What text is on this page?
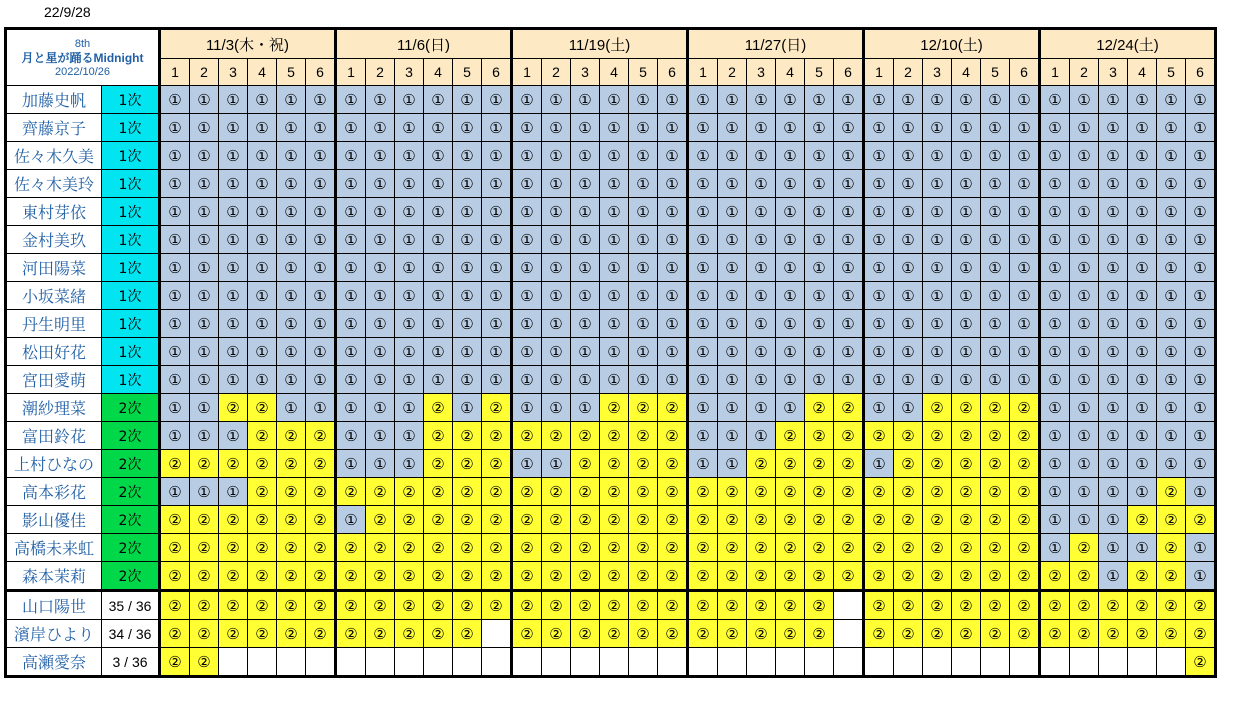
22/9/28
8th
月と星が踊るMidnight
2022/10/26		11/3(木・祝)						11/6(日)						11/19(土)						11/27(日)						12/10(土)						12/24(土)					
		1	2	3	4	5	6	1	2	3	4	5	6	1	2	3	4	5	6	1	2	3	4	5	6	1	2	3	4	5	6	1	2	3	4	5	6
加藤史帆	1次	①	①	①	①	①	①	①	①	①	①	①	①	①	①	①	①	①	①	①	①	①	①	①	①	①	①	①	①	①	①	①	①	①	①	①	①
齊藤京子	1次	①	①	①	①	①	①	①	①	①	①	①	①	①	①	①	①	①	①	①	①	①	①	①	①	①	①	①	①	①	①	①	①	①	①	①	①
佐々木久美	1次	①	①	①	①	①	①	①	①	①	①	①	①	①	①	①	①	①	①	①	①	①	①	①	①	①	①	①	①	①	①	①	①	①	①	①	①
佐々木美玲	1次	①	①	①	①	①	①	①	①	①	①	①	①	①	①	①	①	①	①	①	①	①	①	①	①	①	①	①	①	①	①	①	①	①	①	①	①
東村芽依	1次	①	①	①	①	①	①	①	①	①	①	①	①	①	①	①	①	①	①	①	①	①	①	①	①	①	①	①	①	①	①	①	①	①	①	①	①
金村美玖	1次	①	①	①	①	①	①	①	①	①	①	①	①	①	①	①	①	①	①	①	①	①	①	①	①	①	①	①	①	①	①	①	①	①	①	①	①
河田陽菜	1次	①	①	①	①	①	①	①	①	①	①	①	①	①	①	①	①	①	①	①	①	①	①	①	①	①	①	①	①	①	①	①	①	①	①	①	①
小坂菜緒	1次	①	①	①	①	①	①	①	①	①	①	①	①	①	①	①	①	①	①	①	①	①	①	①	①	①	①	①	①	①	①	①	①	①	①	①	①
丹生明里	1次	①	①	①	①	①	①	①	①	①	①	①	①	①	①	①	①	①	①	①	①	①	①	①	①	①	①	①	①	①	①	①	①	①	①	①	①
松田好花	1次	①	①	①	①	①	①	①	①	①	①	①	①	①	①	①	①	①	①	①	①	①	①	①	①	①	①	①	①	①	①	①	①	①	①	①	①
宮田愛萌	1次	①	①	①	①	①	①	①	①	①	①	①	①	①	①	①	①	①	①	①	①	①	①	①	①	①	①	①	①	①	①	①	①	①	①	①	①
潮紗理菜	2次	①	①	②	②	①	①	①	①	①	②	①	②	①	①	①	②	②	②	①	①	①	①	②	②	①	①	②	②	②	②	①	①	①	①	①	①
富田鈴花	2次	①	①	①	②	②	②	①	①	①	②	②	②	②	②	②	②	②	②	①	①	①	②	②	②	②	②	②	②	②	②	①	①	①	①	①	①
上村ひなの	2次	②	②	②	②	②	②	①	①	①	②	②	②	①	①	②	②	②	②	①	①	②	②	②	②	①	②	②	②	②	②	①	①	①	①	①	①
高本彩花	2次	①	①	①	②	②	②	②	②	②	②	②	②	②	②	②	②	②	②	②	②	②	②	②	②	②	②	②	②	②	②	①	①	①	①	②	①
影山優佳	2次	②	②	②	②	②	②	①	②	②	②	②	②	②	②	②	②	②	②	②	②	②	②	②	②	②	②	②	②	②	②	①	①	①	②	②	②
高橋未来虹	2次	②	②	②	②	②	②	②	②	②	②	②	②	②	②	②	②	②	②	②	②	②	②	②	②	②	②	②	②	②	②	①	②	①	①	②	①
森本茉莉	2次	②	②	②	②	②	②	②	②	②	②	②	②	②	②	②	②	②	②	②	②	②	②	②	②	②	②	②	②	②	②	②	②	①	②	②	①
山口陽世	35 / 36	②	②	②	②	②	②	②	②	②	②	②	②	②	②	②	②	②	②	②	②	②	②	②		②	②	②	②	②	②	②	②	②	②	②	②
濱岸ひより	34 / 36	②	②	②	②	②	②	②	②	②	②	②		②	②	②	②	②	②	②	②	②	②	②		②	②	②	②	②	②	②	②	②	②	②	②
高瀬愛奈	3 / 36	②	②																																		②
